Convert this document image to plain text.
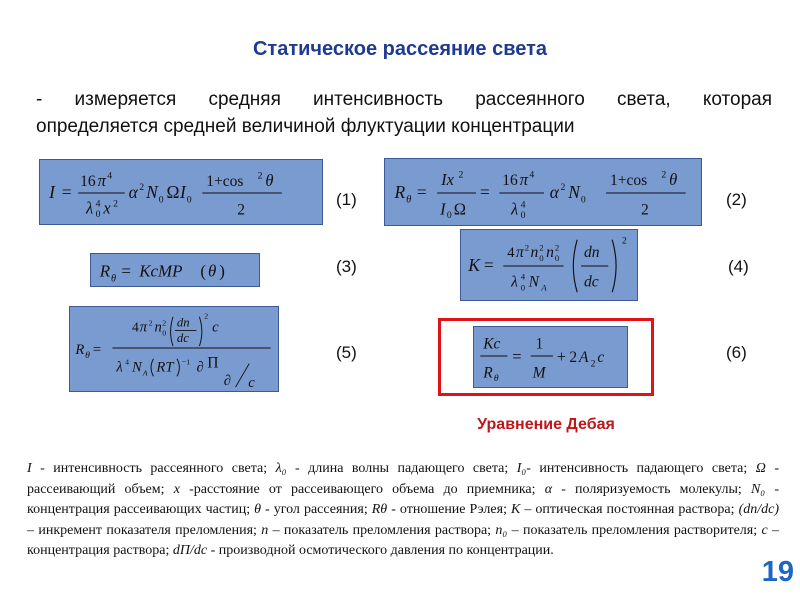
Статическое рассеяние света
- измеряется средняя интенсивность рассеянного света, которая
определяется средней величиной флуктуации концентрации
I =
16 π 4
λ 4
0 x 2
α 2 N 0 Ω I 0
1+cos 2 θ
2
(1) R θ =
Ix 2
I 0 Ω
=
16 π 4
λ 4
0
α 2 N 0
1+cos 2 θ
2
(2)
R θ = KcMP ( θ )	(3)	K =
4 π 2 n 2
0 n 2
0
λ 4
0 N A
dn
dc
2
(4)
R θ =
4 π 2 n 2
0
dn
dc
2
c
λ 4 N A RT −1 ∂ П
∂ c
(5)	Kc
R θ
=
1
M
+ 2 A 2 c	(6)
Уравнение Дебая
I - интенсивность рассеянного света; λ₀ - длина волны падающего света; I₀- интенсивность падающего света; Ω - рассеивающий объем; x -расстояние от рассеивающего объема до приемника; α - поляризуемость молекулы; N₀ - концентрация рассеивающих частиц; θ - угол рассеяния; Rθ - отношение Рэлея; K – оптическая постоянная раствора; (dn/dc) – инкремент показателя преломления; n – показатель преломления раствора; n₀ – показатель преломления растворителя; c – концентрация раствора; dП/dc - производной осмотического давления по концентрации.
19
